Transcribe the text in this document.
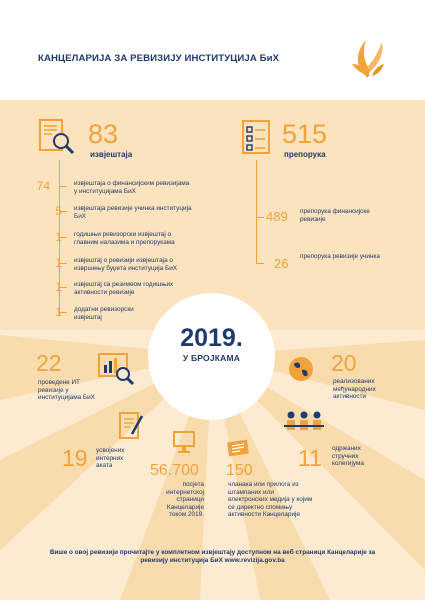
КАНЦЕЛАРИЈА ЗА РЕВИЗИЈУ ИНСТИТУЦИЈА БиХ
83
извјештаја
74	извјештаја о финансијским ревизијама у институцијама БиХ
5 извјештаја ревизије учинка институција БиХ
1 годишњи ревизорски извјештај о главним налазима и препорукама
1 извјештај о ревизији извјештаја о извршењу буџета институција БиХ
1 извјештај са резимеом годишњих активности ревизије
1 додатни ревизорски извјештај
515
препорука
489 препорука финансијске ревизије
26 препорука ревизије учинка
2019.
У БРОЈКАМА
22
проведене ИТ ревизије у институцијама БиХ
20
реализованих међународних активности
19 усвојених интерних аката	11 одржаних стручних колегијума
56.700
посјета интернетској страници Канцеларије током 2019.
150
чланака или прилога из штампаних или електронских медија у којим се директно спомињу активности Канцеларије
Више о овој ревизији прочитајте у комплетном извјештају доступном на веб страници Канцеларије за
ревизију институција БиХ www.revizija.gov.ba
